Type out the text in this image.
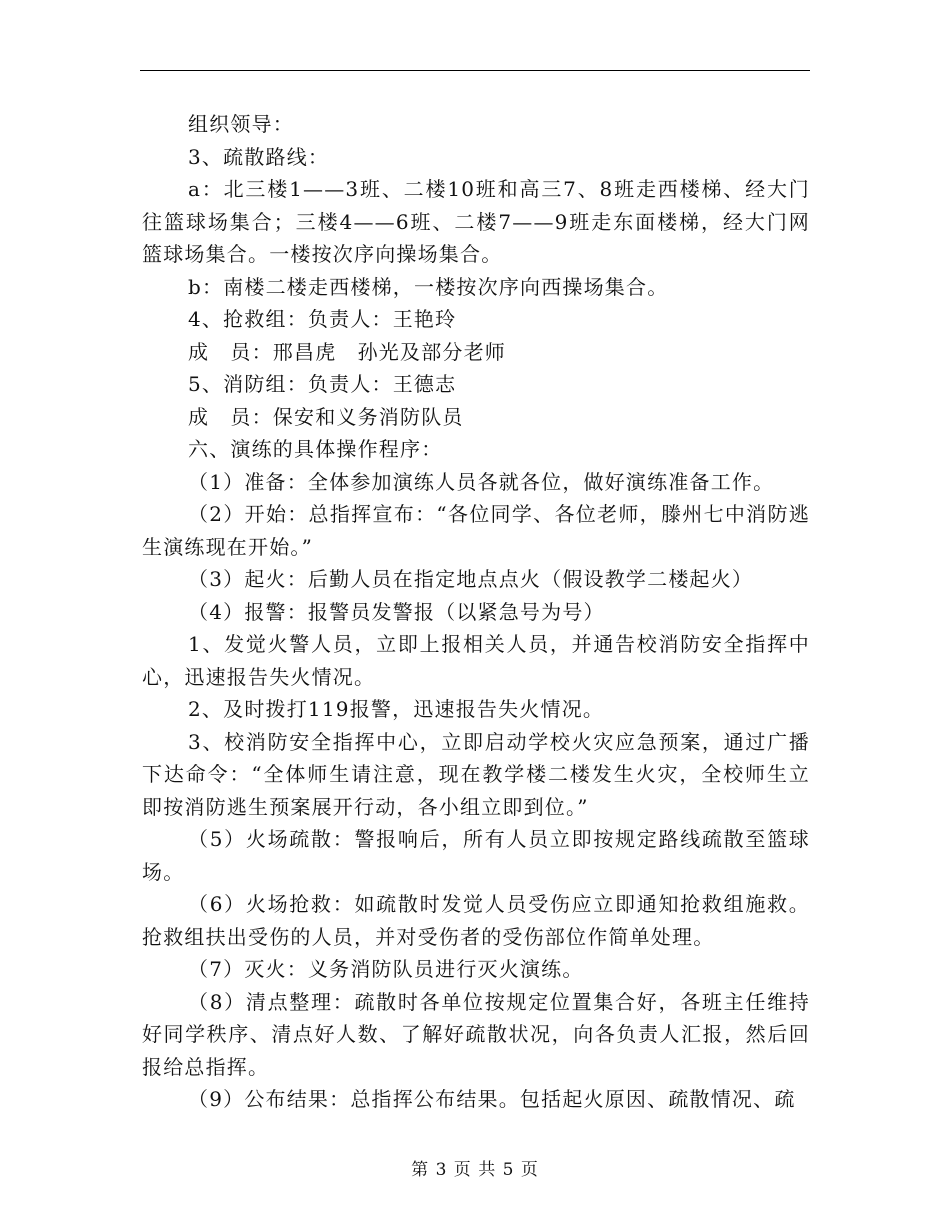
组织领导：

3、疏散路线：

a：北三楼1——3班、二楼10班和高三7、8班走西楼梯、经大门往篮球场集合；三楼4——6班、二楼7——9班走东面楼梯，经大门网篮球场集合。一楼按次序向操场集合。

b：南楼二楼走西楼梯，一楼按次序向西操场集合。

4、抢救组：负责人：王艳玲

成　员：邢昌虎　孙光及部分老师

5、消防组：负责人：王德志

成　员：保安和义务消防队员

六、演练的具体操作程序：

（1）准备：全体参加演练人员各就各位，做好演练准备工作。

（2）开始：总指挥宣布：“各位同学、各位老师，滕州七中消防逃生演练现在开始。”

（3）起火：后勤人员在指定地点点火（假设教学二楼起火）

（4）报警：报警员发警报（以紧急号为号）

1、发觉火警人员，立即上报相关人员，并通告校消防安全指挥中心，迅速报告失火情况。

2、及时拨打119报警，迅速报告失火情况。

3、校消防安全指挥中心，立即启动学校火灾应急预案，通过广播下达命令：“全体师生请注意，现在教学楼二楼发生火灾，全校师生立即按消防逃生预案展开行动，各小组立即到位。”

（5）火场疏散：警报响后，所有人员立即按规定路线疏散至篮球场。

（6）火场抢救：如疏散时发觉人员受伤应立即通知抢救组施救。抢救组扶出受伤的人员，并对受伤者的受伤部位作简单处理。

（7）灭火：义务消防队员进行灭火演练。

（8）清点整理：疏散时各单位按规定位置集合好，各班主任维持好同学秩序、清点好人数、了解好疏散状况，向各负责人汇报，然后回报给总指挥。

（9）公布结果：总指挥公布结果。包括起火原因、疏散情况、疏

第 3 页 共 5 页
